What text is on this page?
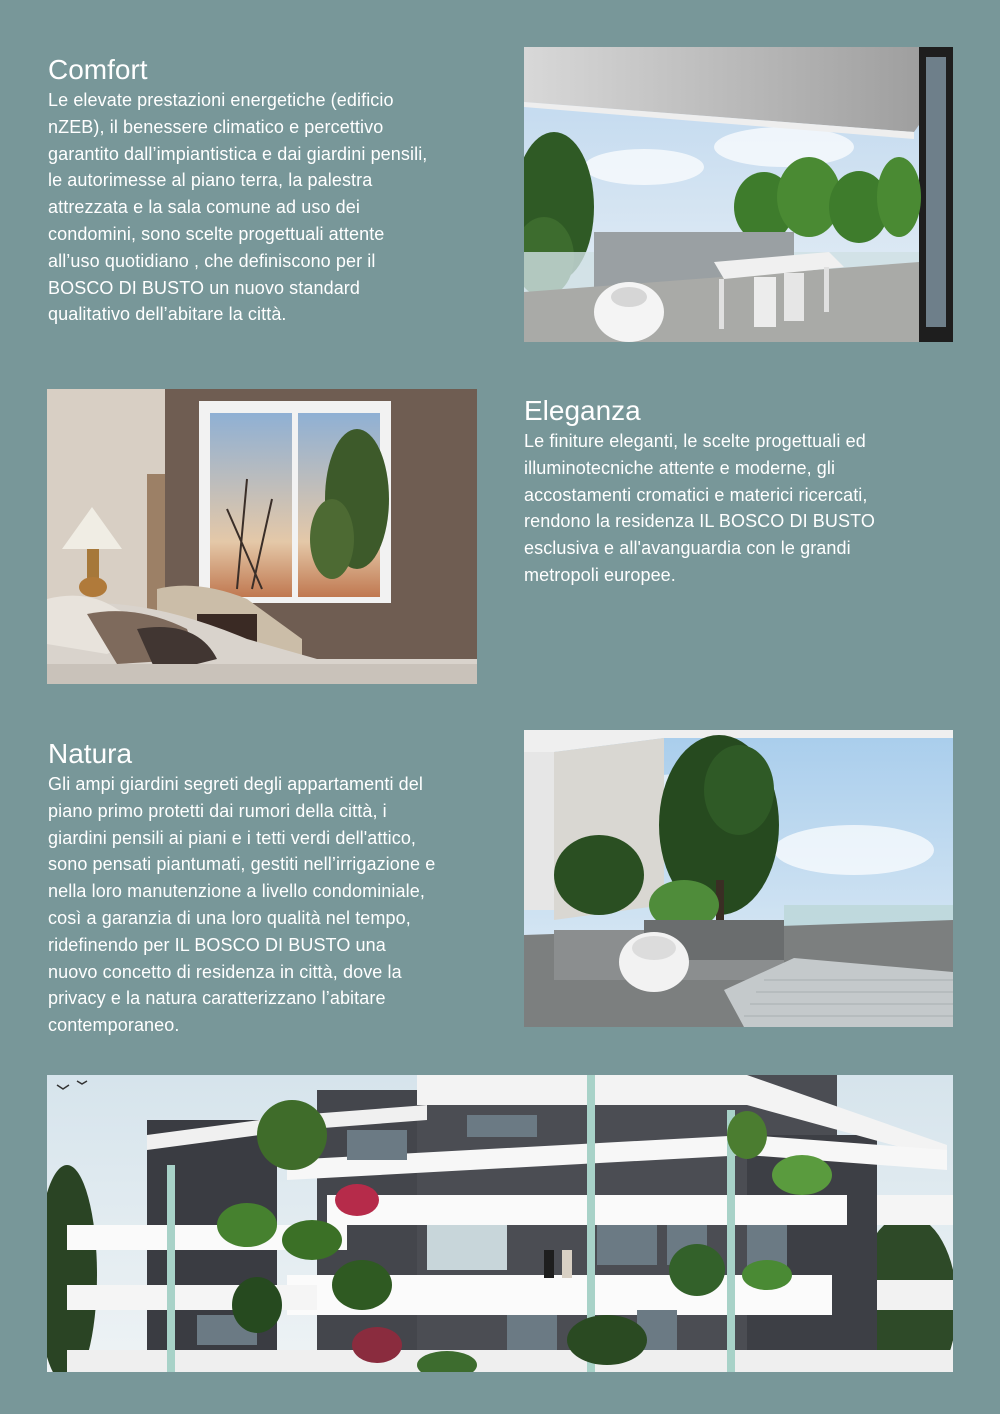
Comfort
Le elevate prestazioni energetiche (edificio
nZEB), il benessere climatico e percettivo
garantito dall’impiantistica e dai giardini pensili,
le autorimesse al piano terra, la palestra
attrezzata e la sala comune ad uso dei
condomini, sono scelte progettuali attente
all’uso quotidiano , che definiscono per il
BOSCO DI BUSTO un nuovo standard
qualitativo dell’abitare la città.
Eleganza
Le finiture eleganti, le scelte progettuali ed
illuminotecniche attente e moderne, gli
accostamenti cromatici e materici ricercati,
rendono la residenza IL BOSCO DI BUSTO
esclusiva e all'avanguardia con le grandi
metropoli europee.
Natura
Gli ampi giardini segreti degli appartamenti del
piano primo protetti dai rumori della città, i
giardini pensili ai piani e i tetti verdi dell'attico,
sono pensati piantumati, gestiti nell’irrigazione e
nella loro manutenzione a livello condominiale,
così a garanzia di una loro qualità nel tempo,
ridefinendo per IL BOSCO DI BUSTO una
nuovo concetto di residenza in città, dove la
privacy e la natura caratterizzano l’abitare
contemporaneo.
